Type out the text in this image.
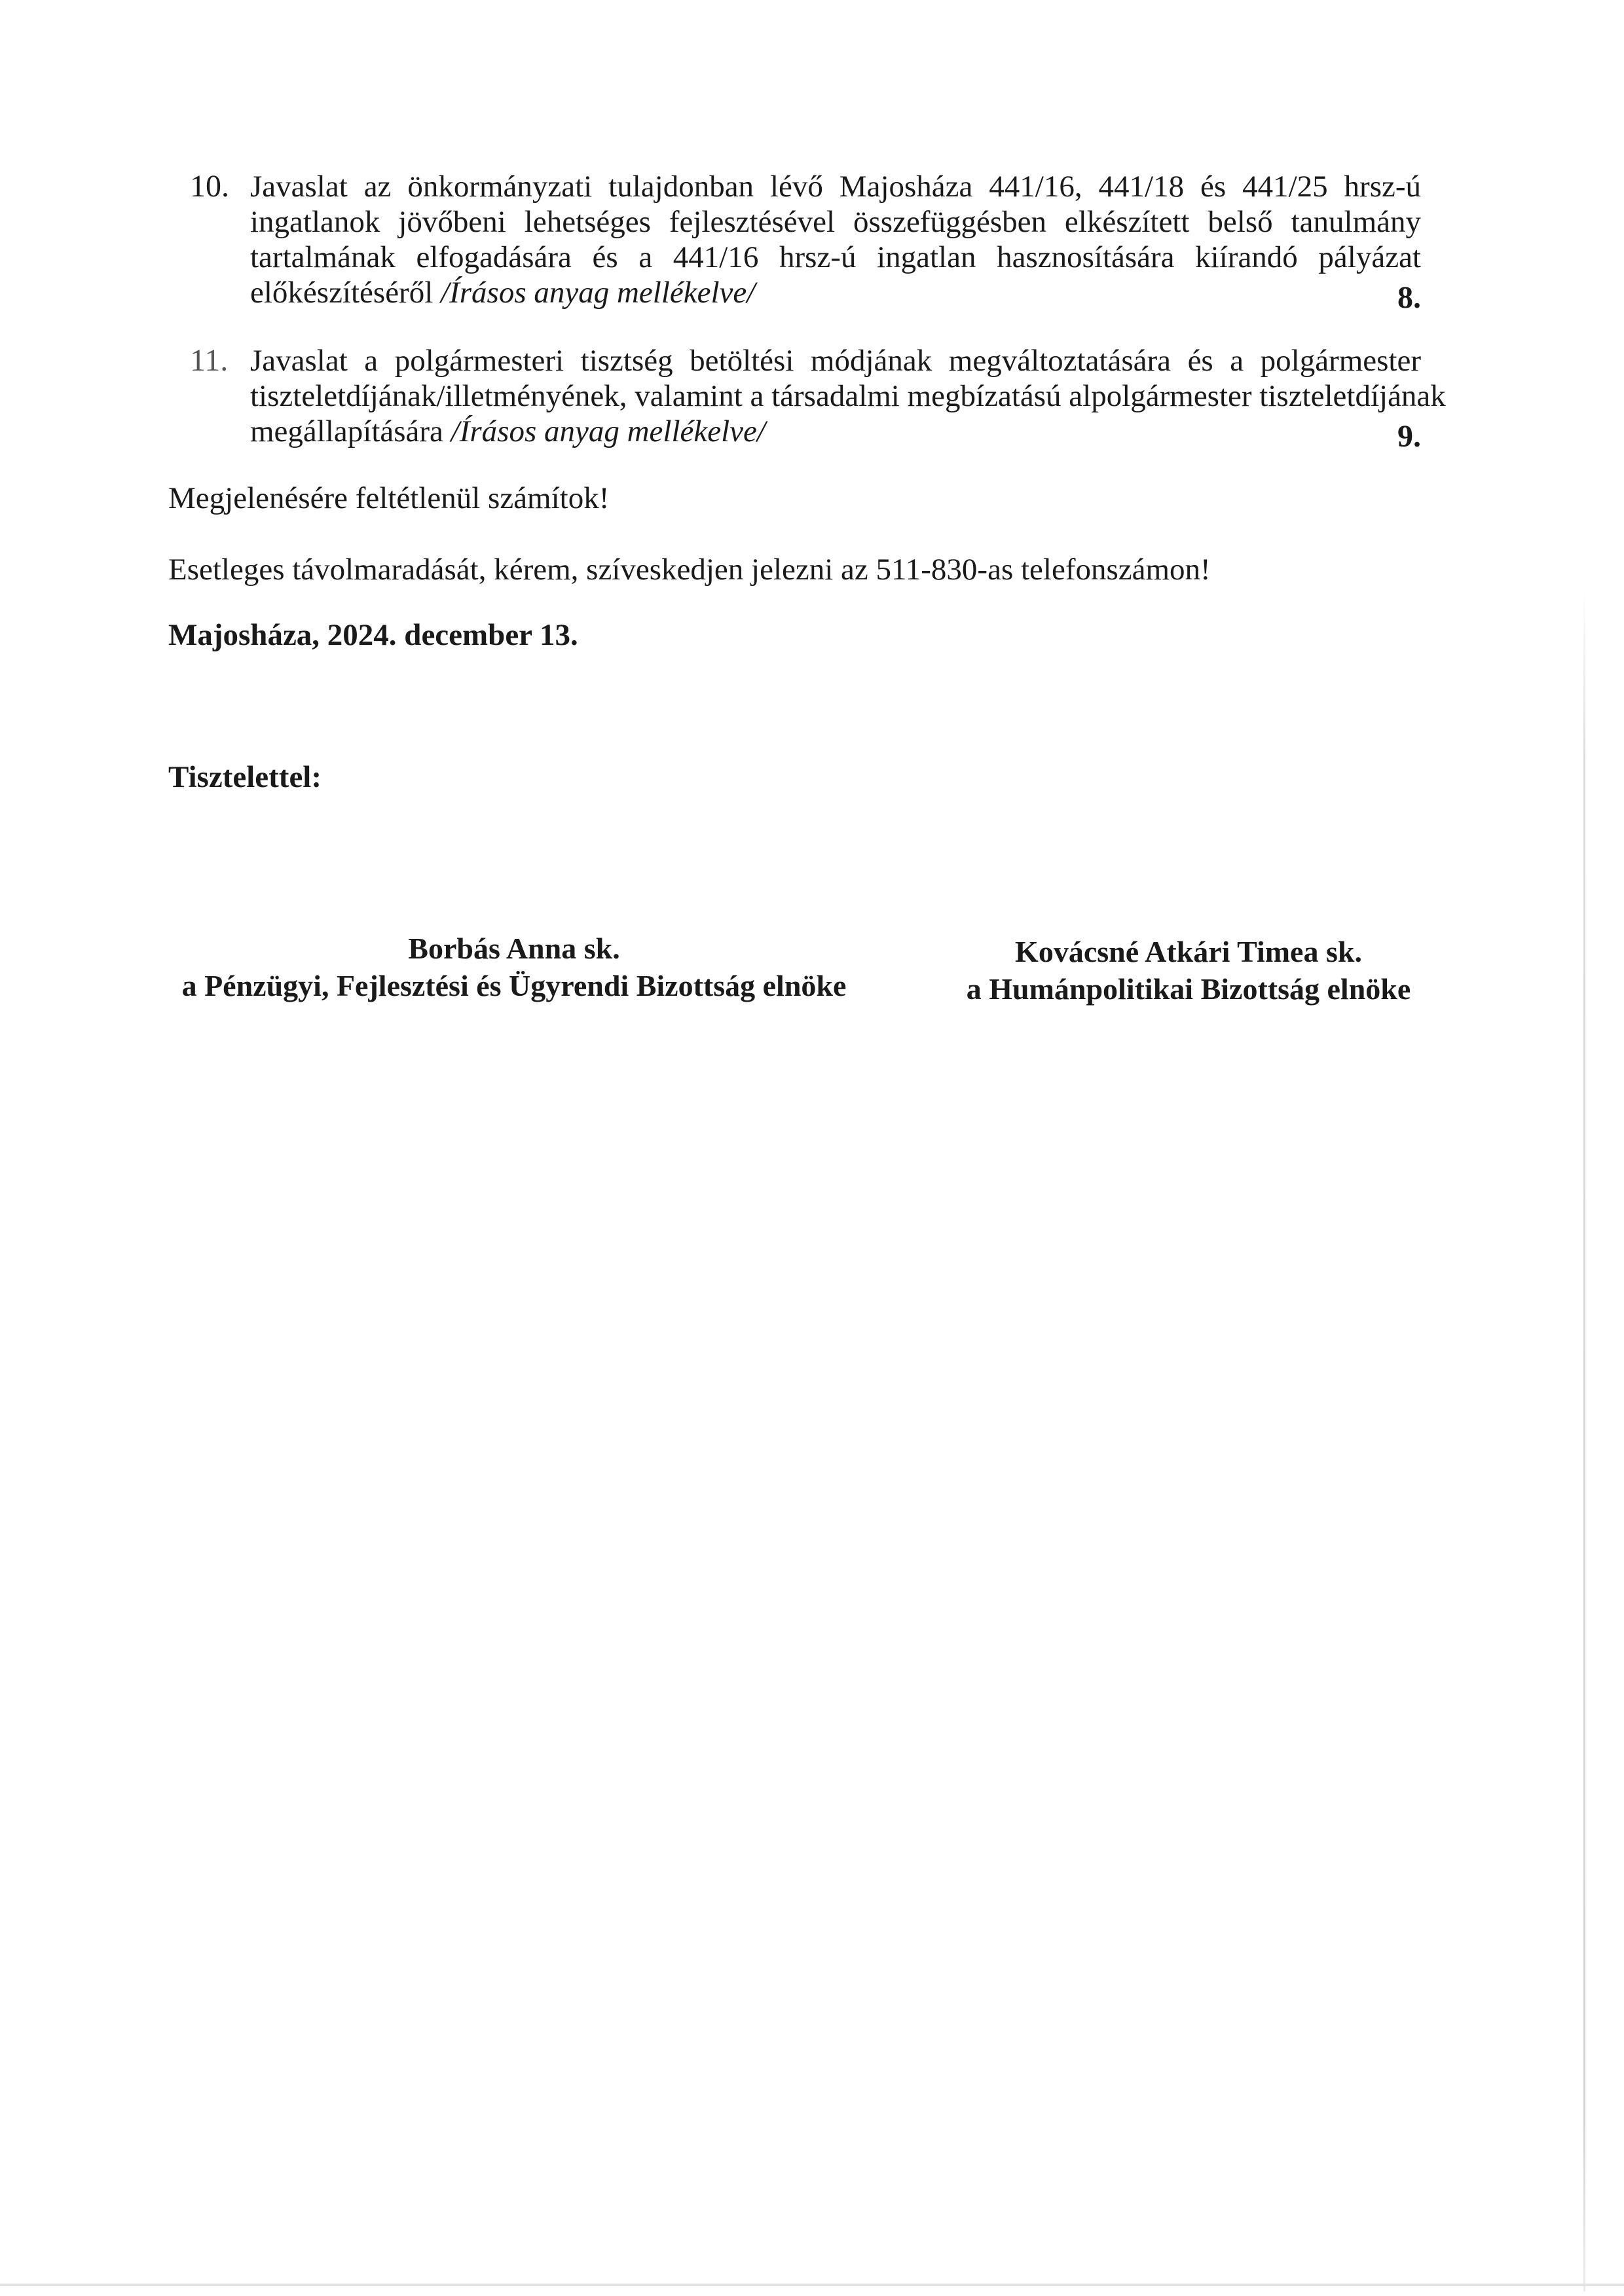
10. Javaslat az önkormányzati tulajdonban lévő Majosháza 441/16, 441/18 és 441/25 hrsz-ú
ingatlanok jövőbeni lehetséges fejlesztésével összefüggésben elkészített belső tanulmány
tartalmának elfogadására és a 441/16 hrsz-ú ingatlan hasznosítására kiírandó pályázat
előkészítéséről /Írásos anyag mellékelve/	8.
11. Javaslat a polgármesteri tisztség betöltési módjának megváltoztatására és a polgármester
tiszteletdíjának/illetményének, valamint a társadalmi megbízatású alpolgármester tiszteletdíjának
megállapítására /Írásos anyag mellékelve/	9.
Megjelenésére feltétlenül számítok!
Esetleges távolmaradását, kérem, szíveskedjen jelezni az 511-830-as telefonszámon!
Majosháza, 2024. december 13.
Tisztelettel:
Borbás Anna sk.
a Pénzügyi, Fejlesztési és Ügyrendi Bizottság elnöke
Kovácsné Atkári Timea sk.
a Humánpolitikai Bizottság elnöke
